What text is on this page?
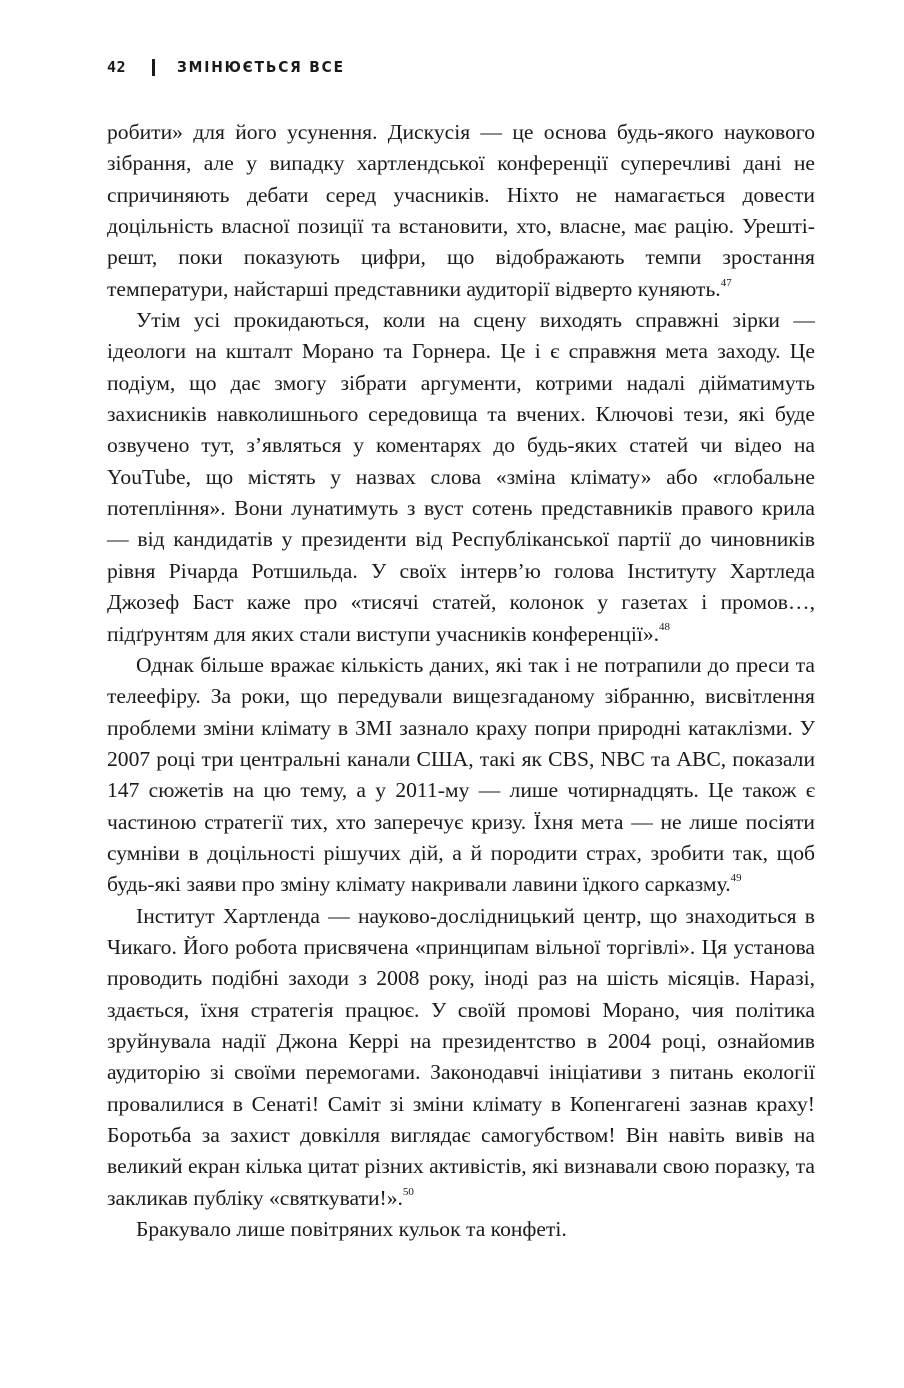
42	ЗМІНЮЄТЬСЯ ВСЕ

робити» для його усунення. Дискусія — це основа будь-якого наукового зібрання, але у випадку хартлендської конференції суперечливі дані не спричиняють дебати серед учасників. Ніхто не намагається довести доцільність власної позиції та встановити, хто, власне, має рацію. Урешті-решт, поки показують цифри, що відображають темпи зростання температури, найстарші представники аудиторії відверто куняють.$^{47}$

Утім усі прокидаються, коли на сцену виходять справжні зірки — ідеологи на кшталт Морано та Горнера. Це і є справжня мета заходу. Це подіум, що дає змогу зібрати аргументи, котрими надалі дійматимуть захисників навколишнього середовища та вчених. Ключові тези, які буде озвучено тут, з’являться у коментарях до будь-яких статей чи відео на YouTube, що містять у назвах слова «зміна клімату» або «глобальне потепління». Вони лунатимуть з вуст сотень представників правого крила — від кандидатів у президенти від Республіканської партії до чиновників рівня Річарда Ротшильда. У своїх інтерв’ю голова Інституту Хартледа Джозеф Баст каже про «тисячі статей, колонок у газетах і промов…, підґрунтям для яких стали виступи учасників конференції».$^{48}$

Однак більше вражає кількість даних, які так і не потрапили до преси та телеефіру. За роки, що передували вищезгаданому зібранню, висвітлення проблеми зміни клімату в ЗМІ зазнало краху попри природні катаклізми. У 2007 році три центральні канали США, такі як CBS, NBC та ABC, показали 147 сюжетів на цю тему, а у 2011-му — лише чотирнадцять. Це також є частиною стратегії тих, хто заперечує кризу. Їхня мета — не лише посіяти сумніви в доцільності рішучих дій, а й породити страх, зробити так, щоб будь-які заяви про зміну клімату накривали лавини їдкого сарказму.$^{49}$

Інститут Хартленда — науково-дослідницький центр, що знаходиться в Чикаго. Його робота присвячена «принципам вільної торгівлі». Ця установа проводить подібні заходи з 2008 року, іноді раз на шість місяців. Наразі, здається, їхня стратегія працює. У своїй промові Морано, чия політика зруйнувала надії Джона Керрі на президентство в 2004 році, ознайомив аудиторію зі своїми перемогами. Законодавчі ініціативи з питань екології провалилися в Сенаті! Саміт зі зміни клімату в Копенгагені зазнав краху! Боротьба за захист довкілля виглядає самогубством! Він навіть вивів на великий екран кілька цитат різних активістів, які визнавали свою поразку, та закликав публіку «святкувати!».$^{50}$

Бракувало лише повітряних кульок та конфеті.
